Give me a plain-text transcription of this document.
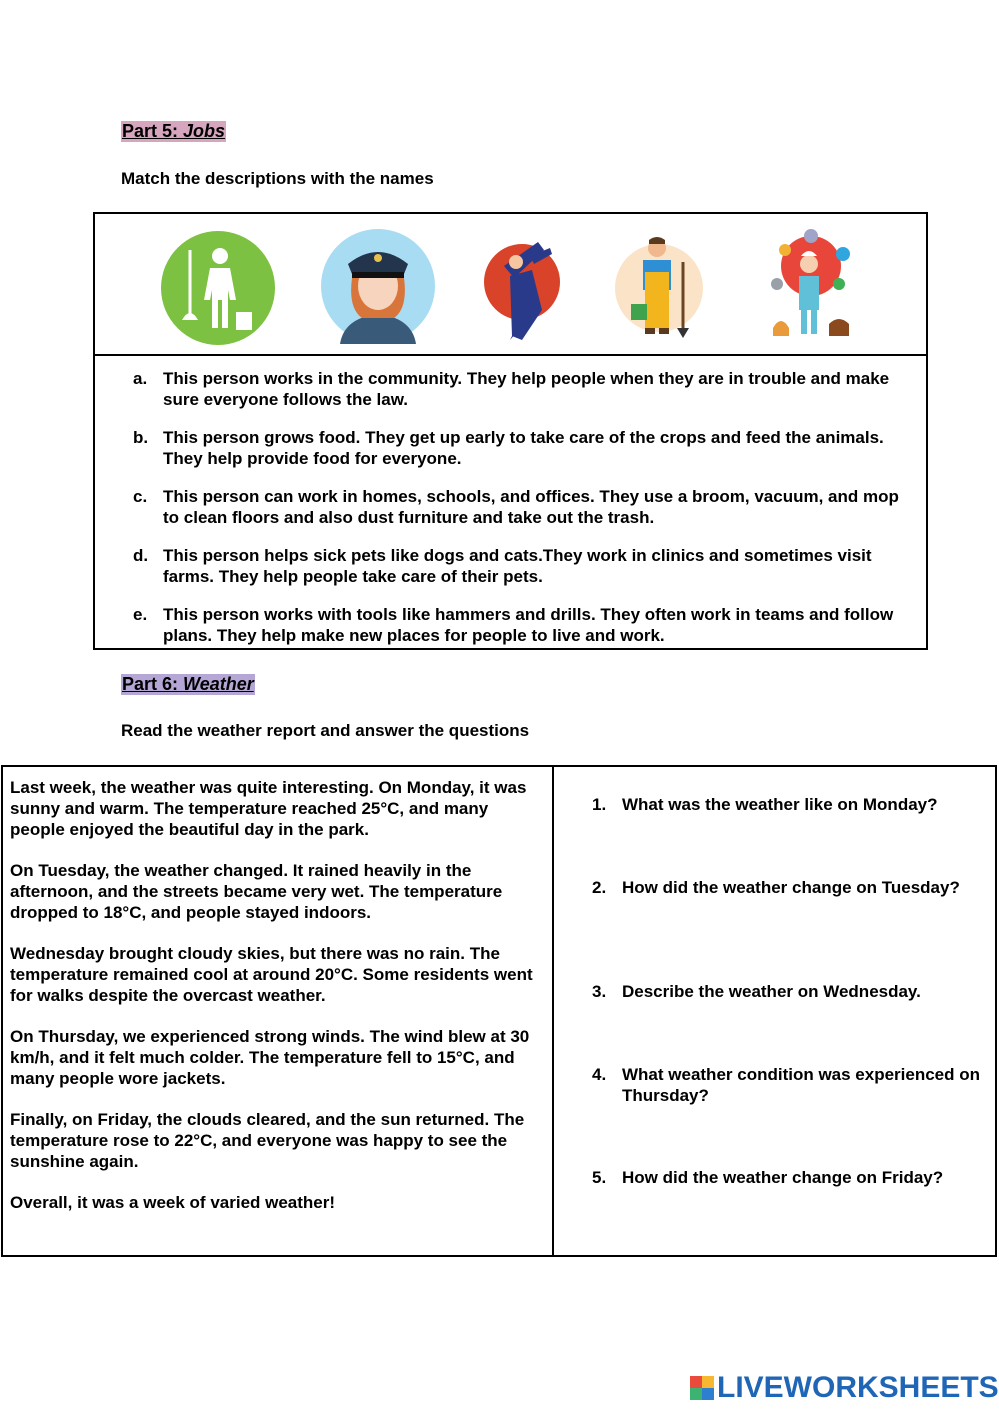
Part 5: Jobs
Match the descriptions with the names
a. This person works in the community. They help people when they are in trouble and make sure everyone follows the law.
b. This person grows food. They get up early to take care of the crops and feed the animals. They help provide food for everyone.
c. This person can work in homes, schools, and offices. They use a broom, vacuum, and mop to clean floors and also dust furniture and take out the trash.
d. This person helps sick pets like dogs and cats.They work in clinics and sometimes visit farms. They help people take care of their pets.
e. This person works with tools like hammers and drills. They often work in teams and follow plans. They help make new places for people to live and work.
Part 6: Weather
Read the weather report and answer the questions

Last week, the weather was quite interesting. On Monday, it was sunny and warm. The temperature reached 25°C, and many people enjoyed the beautiful day in the park.

On Tuesday, the weather changed. It rained heavily in the afternoon, and the streets became very wet. The temperature dropped to 18°C, and people stayed indoors.

Wednesday brought cloudy skies, but there was no rain. The temperature remained cool at around 20°C. Some residents went for walks despite the overcast weather.

On Thursday, we experienced strong winds. The wind blew at 30 km/h, and it felt much colder. The temperature fell to 15°C, and many people wore jackets.

Finally, on Friday, the clouds cleared, and the sun returned. The temperature rose to 22°C, and everyone was happy to see the sunshine again.

Overall, it was a week of varied weather!

1. What was the weather like on Monday?
2. How did the weather change on Tuesday?
3. Describe the weather on Wednesday.
4. What weather condition was experienced on Thursday?
5. How did the weather change on Friday?
LIVEWORKSHEETS
